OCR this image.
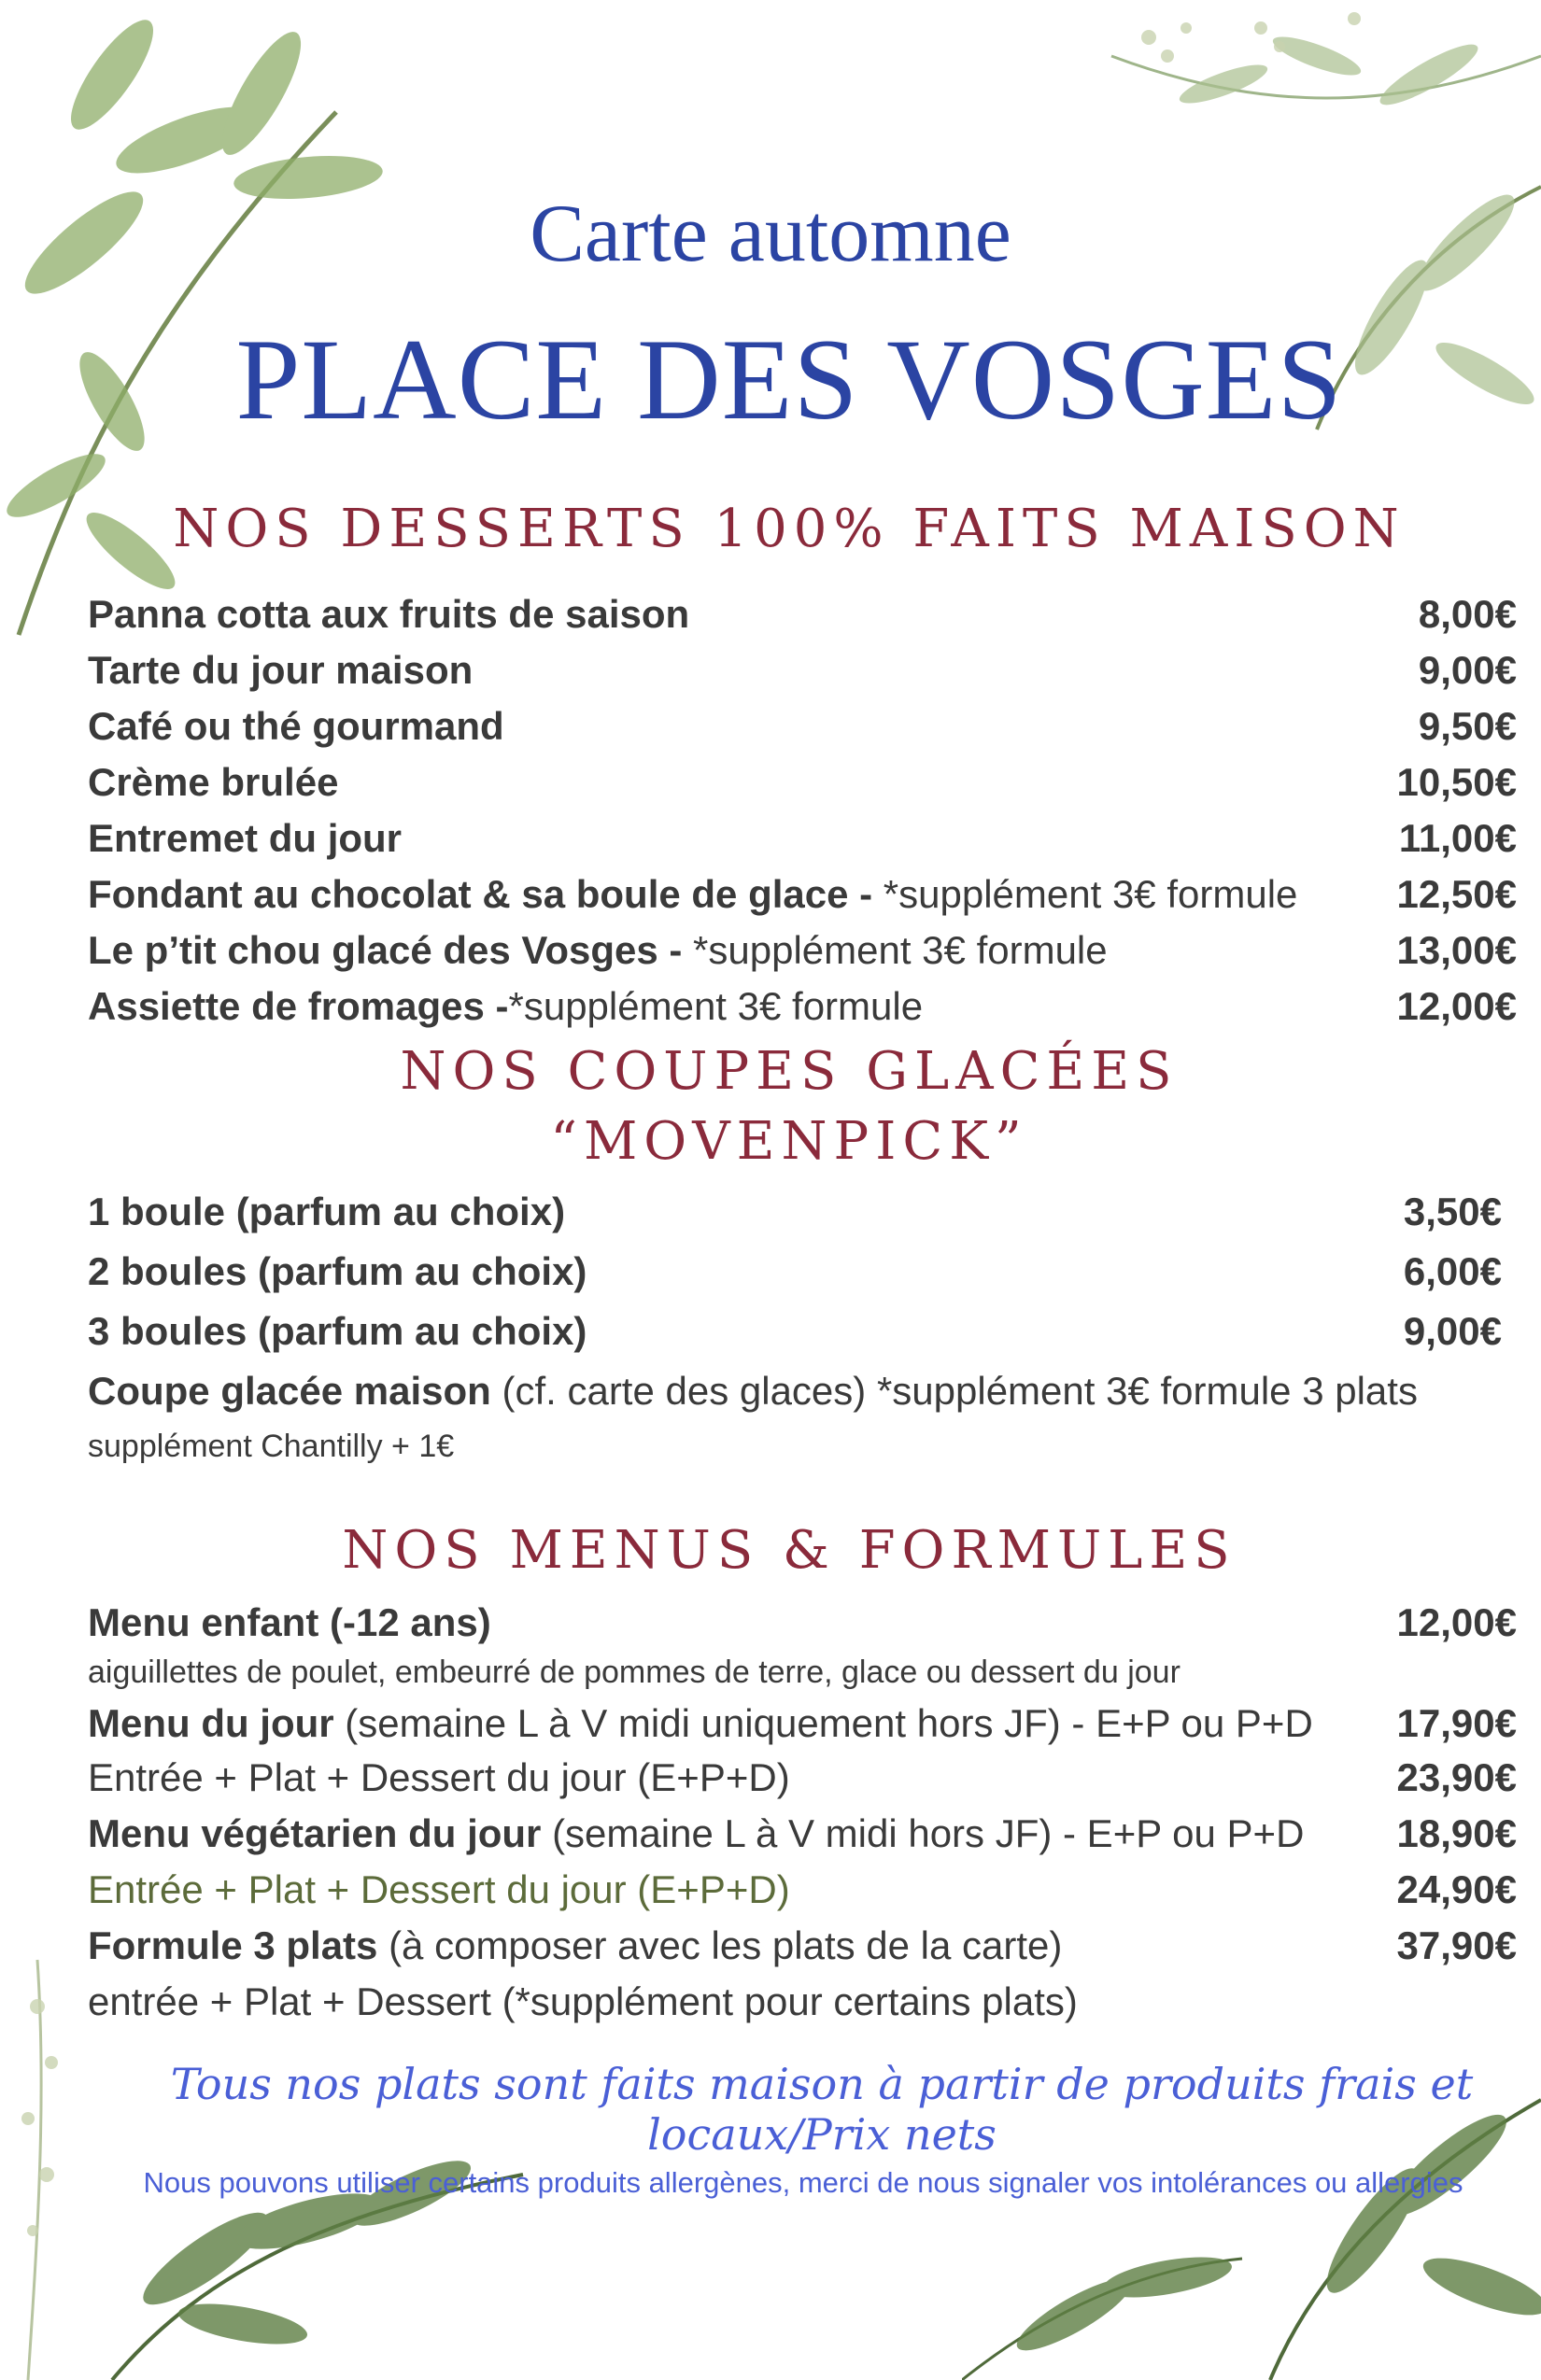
Carte automne
PLACE DES VOSGES
NOS DESSERTS 100% FAITS MAISON
Panna cotta aux fruits de saison	8,00€
Tarte du jour maison	9,00€
Café ou thé gourmand	9,50€
Crème brulée	10,50€
Entremet du jour	11,00€
Fondant au chocolat & sa boule de glace - *supplément 3€ formule	12,50€
Le p’tit chou glacé des Vosges - *supplément 3€ formule	13,00€
Assiette de fromages -*supplément 3€ formule	12,00€
NOS COUPES GLACÉES
“MOVENPICK”
1 boule (parfum au choix)	3,50€
2 boules (parfum au choix)	6,00€
3 boules (parfum au choix)	9,00€
Coupe glacée maison (cf. carte des glaces) *supplément 3€ formule 3 plats
supplément Chantilly + 1€
NOS MENUS & FORMULES
Menu enfant (-12 ans)	12,00€
aiguillettes de poulet, embeurré de pommes de terre, glace ou dessert du jour
Menu du jour (semaine L à V midi uniquement hors JF) - E+P ou P+D 17,90€
Entrée + Plat + Dessert du jour (E+P+D)	23,90€
Menu végétarien du jour (semaine L à V midi hors JF) - E+P ou P+D 18,90€
Entrée + Plat + Dessert du jour (E+P+D)	24,90€
Formule 3 plats (à composer avec les plats de la carte)	37,90€
entrée + Plat + Dessert (*supplément pour certains plats)
Tous nos plats sont faits maison à partir de produits frais et locaux/Prix nets
Nous pouvons utiliser certains produits allergènes, merci de nous signaler vos intolérances ou allergies
